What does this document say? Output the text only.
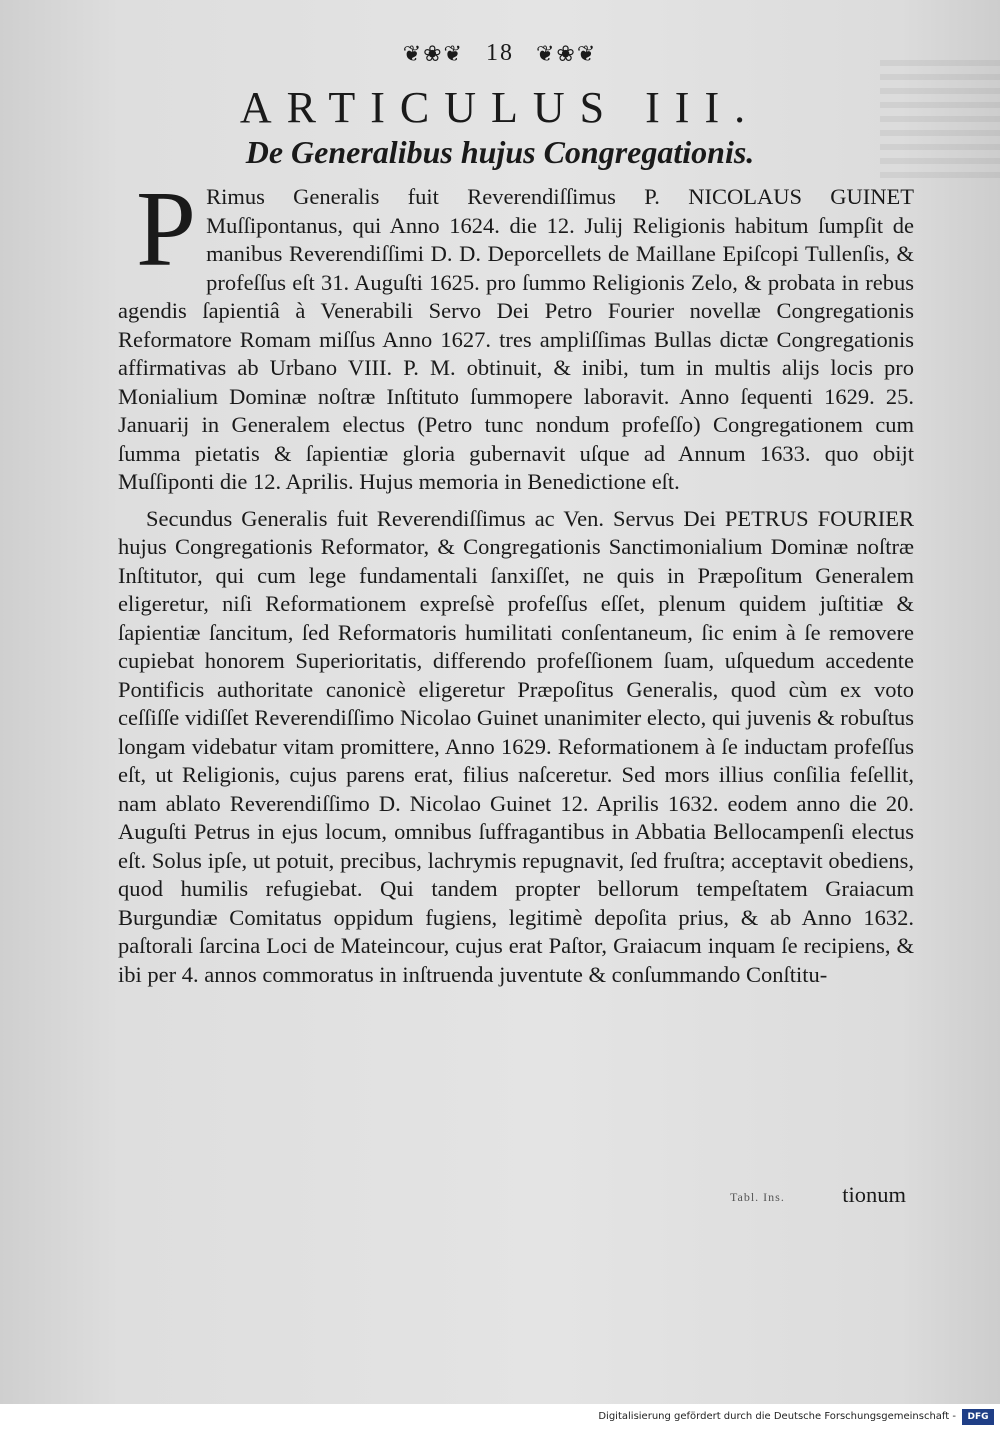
❦❀❦ 18 ❦❀❦
ARTICULUS III.
De Generalibus hujus Congregationis.

P Rimus Generalis fuit Reverendiſſimus P. NICOLAUS GUINET Muſſipontanus, qui Anno 1624. die 12. Julij Religionis habitum ſumpſit de manibus Reverendiſſimi D. D. Deporcellets de Maillane Epiſcopi Tullenſis, & profeſſus eſt 31. Auguſti 1625. pro ſummo Religionis Zelo, & probata in rebus agendis ſapientiâ à Venerabili Servo Dei Petro Fourier novellæ Congregationis Reformatore Romam miſſus Anno 1627. tres ampliſſimas Bullas dictæ Congregationis affirmativas ab Urbano VIII. P. M. obtinuit, & inibi, tum in multis alijs locis pro Monialium Dominæ noſtræ Inſtituto ſummopere laboravit. Anno ſequenti 1629. 25. Januarij in Generalem electus (Petro tunc nondum profeſſo) Congregationem cum ſumma pietatis & ſapientiæ gloria gubernavit uſque ad Annum 1633. quo obijt Muſſiponti die 12. Aprilis. Hujus memoria in Benedictione eſt.

Secundus Generalis fuit Reverendiſſimus ac Ven. Servus Dei PETRUS FOURIER hujus Congregationis Reformator, & Congregationis Sanctimonialium Dominæ noſtræ Inſtitutor, qui cum lege fundamentali ſanxiſſet, ne quis in Præpoſitum Generalem eligeretur, niſi Reformationem expreſsè profeſſus eſſet, plenum quidem juſtitiæ & ſapientiæ ſancitum, ſed Reformatoris humilitati conſentaneum, ſic enim à ſe removere cupiebat honorem Superioritatis, differendo profeſſionem ſuam, uſquedum accedente Pontificis authoritate canonicè eligeretur Præpoſitus Generalis, quod cùm ex voto ceſſiſſe vidiſſet Reverendiſſimo Nicolao Guinet unanimiter electo, qui juvenis & robuſtus longam videbatur vitam promittere, Anno 1629. Reformationem à ſe inductam profeſſus eſt, ut Religionis, cujus parens erat, filius naſceretur. Sed mors illius conſilia feſellit, nam ablato Reverendiſſimo D. Nicolao Guinet 12. Aprilis 1632. eodem anno die 20. Auguſti Petrus in ejus locum, omnibus ſuffragantibus in Abbatia Bellocampenſi electus eſt. Solus ipſe, ut potuit, precibus, lachrymis repugnavit, ſed fruſtra; acceptavit obediens, quod humilis refugiebat. Qui tandem propter bellorum tempeſtatem Graiacum Burgundiæ Comitatus oppidum fugiens, legitimè depoſita prius, & ab Anno 1632. paſtorali ſarcina Loci de Mateincour, cujus erat Paſtor, Graiacum inquam ſe recipiens, & ibi per 4. annos commoratus in inſtruenda juventute & conſummando Conſtitu-

Tabl. Ins.	tionum
Digitalisierung gefördert durch die Deutsche Forschungsgemeinschaft -	DFG
